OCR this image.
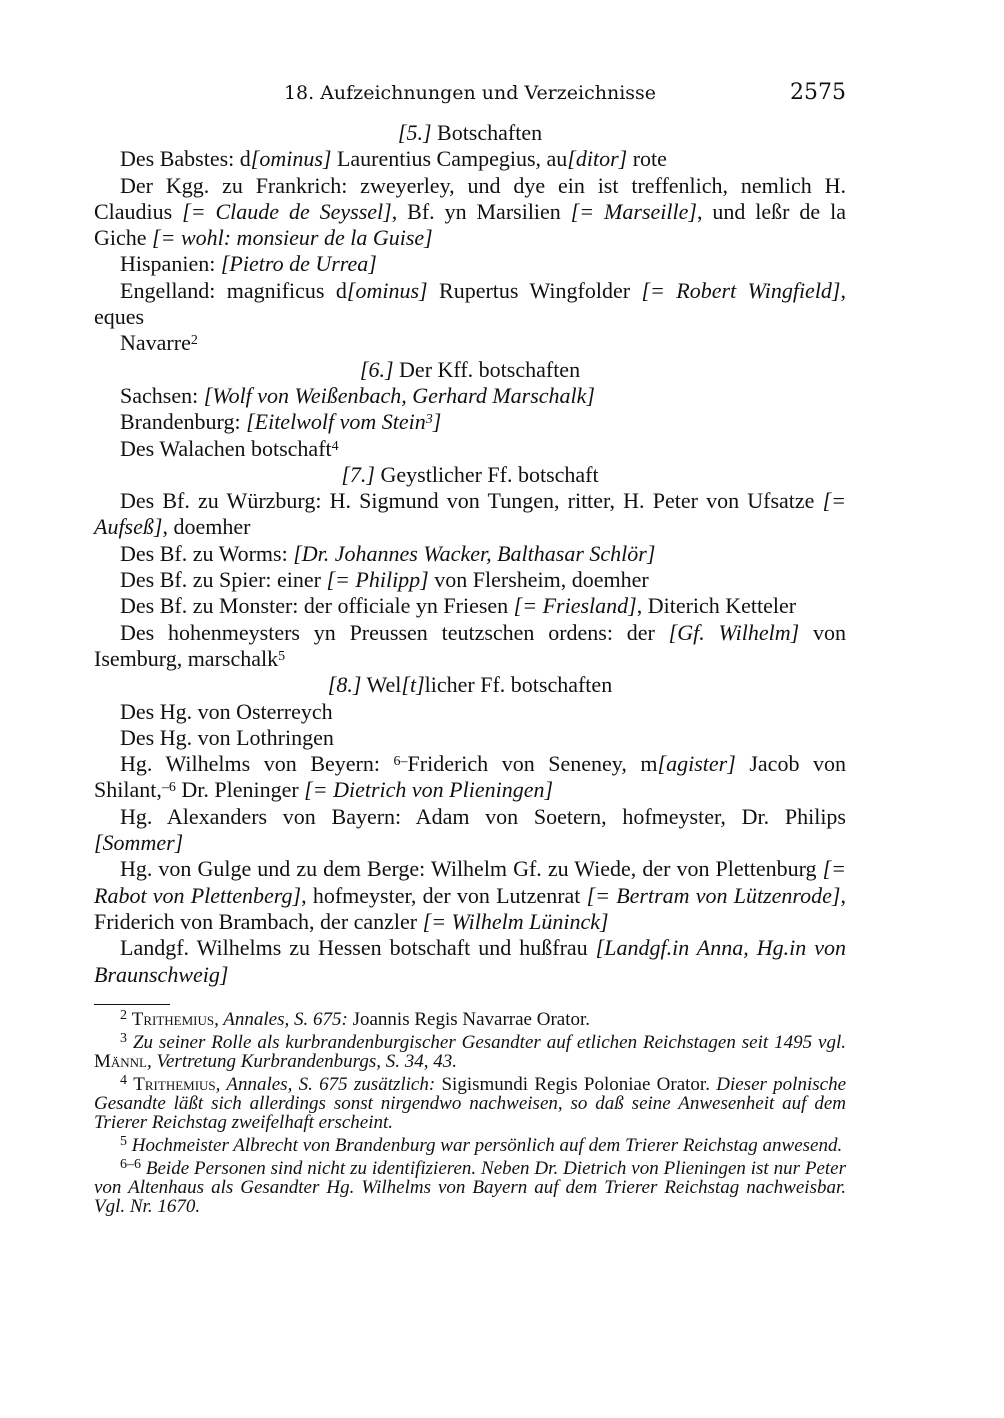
18. Aufzeichnungen und Verzeichnisse	2575

[5.] Botschaften

Des Babstes: d[ominus] Laurentius Campegius, au[ditor] rote

Der Kgg. zu Frankrich: zweyerley, und dye ein ist treffenlich, nemlich H. Claudius [= Claude de Seyssel], Bf. yn Marsilien [= Marseille], und leßr de la Giche [= wohl: monsieur de la Guise]

Hispanien: [Pietro de Urrea]

Engelland: magnificus d[ominus] Rupertus Wingfolder [= Robert Wingfield], eques

Navarre$^2$

[6.] Der Kff. botschaften

Sachsen: [Wolf von Weißenbach, Gerhard Marschalk]

Brandenburg: [Eitelwolf vom Stein$^3$]

Des Walachen botschaft$^4$

[7.] Geystlicher Ff. botschaft

Des Bf. zu Würzburg: H. Sigmund von Tungen, ritter, H. Peter von Ufsatze [= Aufseß], doemher

Des Bf. zu Worms: [Dr. Johannes Wacker, Balthasar Schlör]

Des Bf. zu Spier: einer [= Philipp] von Flersheim, doemher

Des Bf. zu Monster: der officiale yn Friesen [= Friesland], Diterich Ketteler

Des hohenmeysters yn Preussen teutzschen ordens: der [Gf. Wilhelm] von Isemburg, marschalk$^5$

[8.] Wel[t]licher Ff. botschaften

Des Hg. von Osterreych

Des Hg. von Lothringen

Hg. Wilhelms von Beyern: $^{6-}$Friderich von Seneney, m[agister] Jacob von Shilant,$^{-6}$ Dr. Pleninger [= Dietrich von Plieningen]

Hg. Alexanders von Bayern: Adam von Soetern, hofmeyster, Dr. Philips [Sommer]

Hg. von Gulge und zu dem Berge: Wilhelm Gf. zu Wiede, der von Plettenburg [= Rabot von Plettenberg], hofmeyster, der von Lutzenrat [= Bertram von Lützenrode], Friderich von Brambach, der canzler [= Wilhelm Lüninck]

Landgf. Wilhelms zu Hessen botschaft und hußfrau [Landgf.in Anna, Hg.in von Braunschweig]

$^2$ Trithemius, Annales, S. 675: Joannis Regis Navarrae Orator.

$^3$ Zu seiner Rolle als kurbrandenburgischer Gesandter auf etlichen Reichstagen seit 1495 vgl. Männl, Vertretung Kurbrandenburgs, S. 34, 43.

$^4$ Trithemius, Annales, S. 675 zusätzlich: Sigismundi Regis Poloniae Orator. Dieser polnische Gesandte läßt sich allerdings sonst nirgendwo nachweisen, so daß seine Anwesenheit auf dem Trierer Reichstag zweifelhaft erscheint.

$^5$ Hochmeister Albrecht von Brandenburg war persönlich auf dem Trierer Reichstag anwesend.

$^{6-6}$ Beide Personen sind nicht zu identifizieren. Neben Dr. Dietrich von Plieningen ist nur Peter von Altenhaus als Gesandter Hg. Wilhelms von Bayern auf dem Trierer Reichstag nachweisbar. Vgl. Nr. 1670.
